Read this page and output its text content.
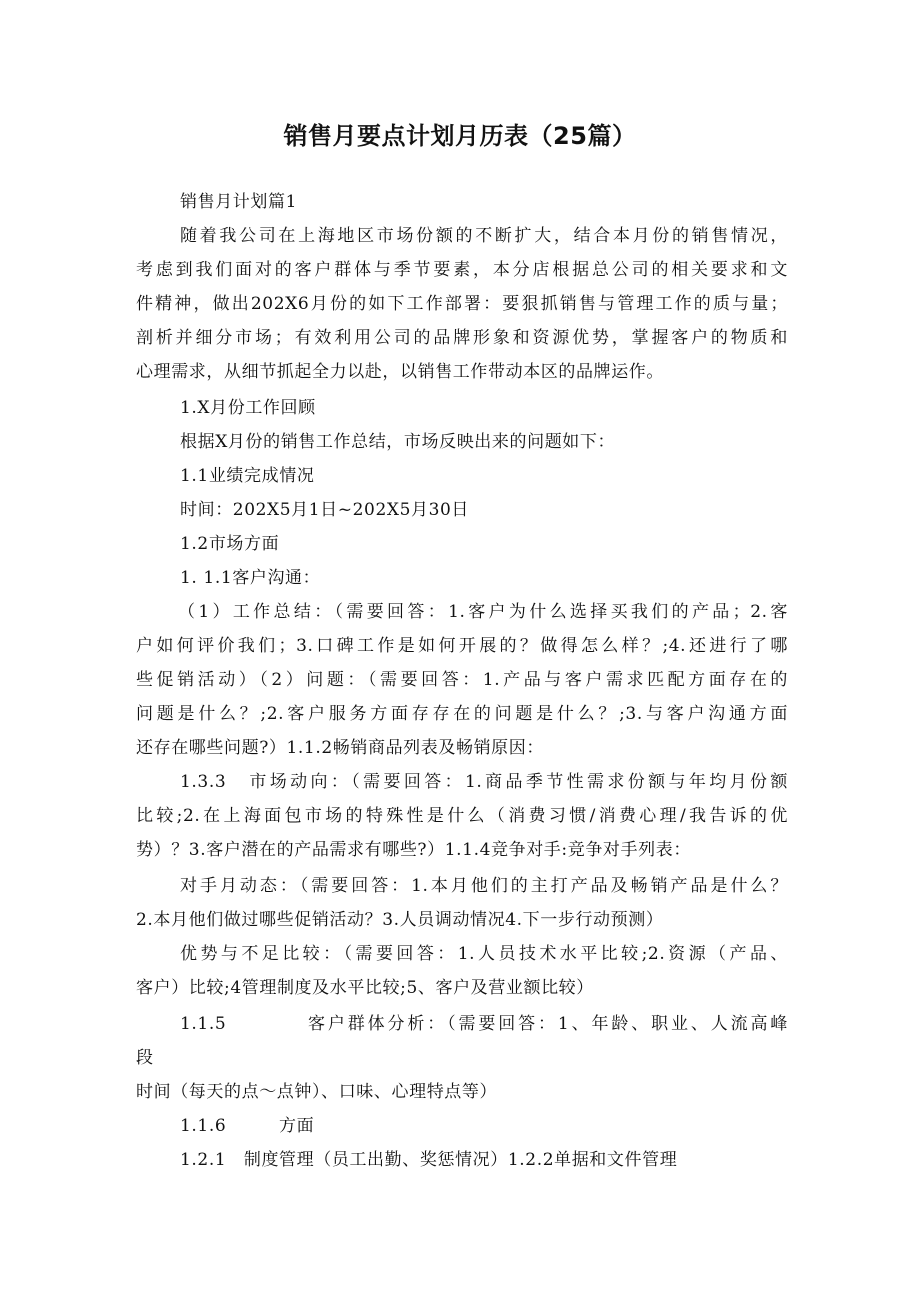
销售月要点计划月历表（25篇）
销售月计划篇1
随着我公司在上海地区市场份额的不断扩大，结合本月份的销售情况，
考虑到我们面对的客户群体与季节要素，本分店根据总公司的相关要求和文
件精神，做出202X6月份的如下工作部署：要狠抓销售与管理工作的质与量；
剖析并细分市场；有效利用公司的品牌形象和资源优势，掌握客户的物质和
心理需求，从细节抓起全力以赴，以销售工作带动本区的品牌运作。
1.X月份工作回顾
根据X月份的销售工作总结，市场反映出来的问题如下：
1.1业绩完成情况
时间：202X5月1日~202X5月30日
1.2市场方面
1. 1.1客户沟通：
（1）工作总结：（需要回答：1.客户为什么选择买我们的产品；2.客
户如何评价我们；3.口碑工作是如何开展的？做得怎么样？;4.还进行了哪
些促销活动）（2）问题：（需要回答：1.产品与客户需求匹配方面存在的
问题是什么？;2.客户服务方面存存在的问题是什么？;3.与客户沟通方面
还存在哪些问题?）1.1.2畅销商品列表及畅销原因：
1.3.3　市场动向：（需要回答：1.商品季节性需求份额与年均月份额
比较;2.在上海面包市场的特殊性是什么（消费习惯/消费心理/我告诉的优
势）？3.客户潜在的产品需求有哪些?）1.1.4竞争对手:竞争对手列表：
对手月动态：（需要回答：1.本月他们的主打产品及畅销产品是什么？
2.本月他们做过哪些促销活动？3.人员调动情况4.下一步行动预测）
优势与不足比较：（需要回答：1.人员技术水平比较;2.资源（产品、
客户）比较;4管理制度及水平比较;5、客户及营业额比较）
1.1.5　　　　客户群体分析：（需要回答：1、年龄、职业、人流高峰
段
时间（每天的点～点钟）、口味、心理特点等）
1.1.6　　　方面
1.2.1　制度管理（员工出勤、奖惩情况）1.2.2单据和文件管理
